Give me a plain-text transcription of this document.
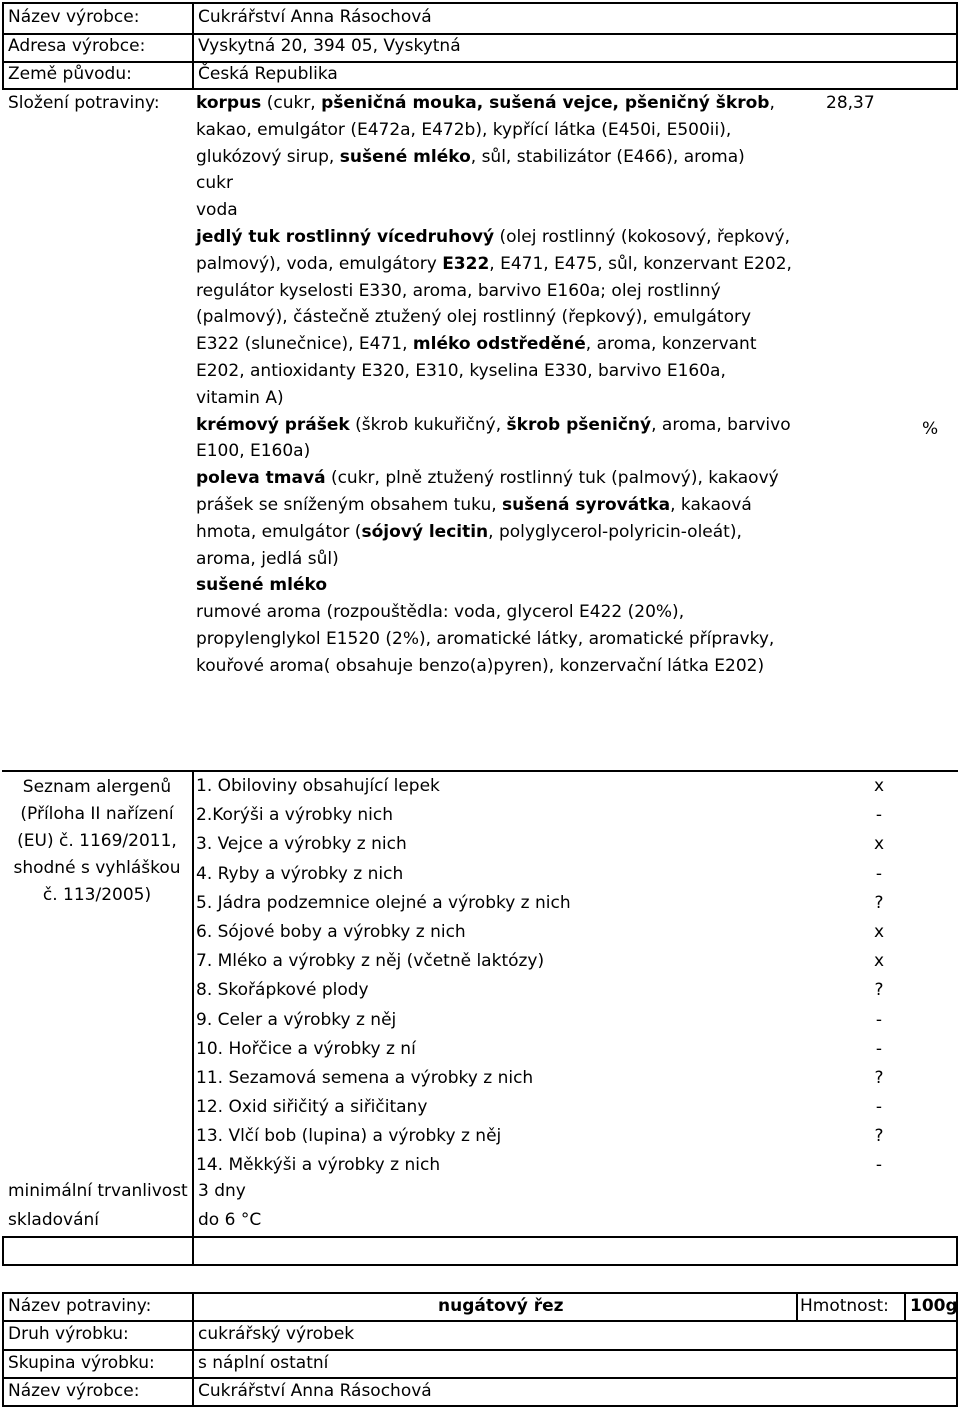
Název výrobce:	Cukrářství Anna Rásochová
Adresa výrobce:	Vyskytná 20, 394 05, Vyskytná
Země původu:	Česká Republika
Složení potraviny:	28,37
%
korpus (cukr, pšeničná mouka, sušená vejce, pšeničný škrob,
kakao, emulgátor (E472a, E472b), kypřící látka (E450i, E500ii),
glukózový sirup, sušené mléko, sůl, stabilizátor (E466), aroma)
cukr
voda
jedlý tuk rostlinný vícedruhový (olej rostlinný (kokosový, řepkový,
palmový), voda, emulgátory E322, E471, E475, sůl, konzervant E202,
regulátor kyselosti E330, aroma, barvivo E160a; olej rostlinný
(palmový), částečně ztužený olej rostlinný (řepkový), emulgátory
E322 (slunečnice), E471, mléko odstředěné, aroma, konzervant
E202, antioxidanty E320, E310, kyselina E330, barvivo E160a,
vitamin A)
krémový prášek (škrob kukuřičný, škrob pšeničný, aroma, barvivo
E100, E160a)
poleva tmavá (cukr, plně ztužený rostlinný tuk (palmový), kakaový
prášek se sníženým obsahem tuku, sušená syrovátka, kakaová
hmota, emulgátor (sójový lecitin, polyglycerol-polyricin-oleát),
aroma, jedlá sůl)
sušené mléko
rumové aroma (rozpouštědla: voda, glycerol E422 (20%),
propylenglykol E1520 (2%), aromatické látky, aromatické přípravky,
kouřové aroma( obsahuje benzo(a)pyren), konzervační látka E202)
Seznam alergenů
(Příloha II nařízení
(EU) č. 1169/2011,
shodné s vyhláškou
č. 113/2005)
1. Obiloviny obsahující lepek	x
2.Korýši a výrobky nich	-
3. Vejce a výrobky z nich	x
4. Ryby a výrobky z nich	-
5. Jádra podzemnice olejné a výrobky z nich	?
6. Sójové boby a výrobky z nich	x
7. Mléko a výrobky z něj (včetně laktózy)	x
8. Skořápkové plody	?
9. Celer a výrobky z něj	-
10. Hořčice a výrobky z ní	-
11. Sezamová semena a výrobky z nich	?
12. Oxid siřičitý a siřičitany	-
13. Vlčí bob (lupina) a výrobky z něj	?
14. Měkkýši a výrobky z nich	-
minimální trvanlivost 3 dny
skladování	do 6 °C
Název potraviny:	nugátový řez	Hmotnost: 100g
Druh výrobku:	cukrářský výrobek
Skupina výrobku:	s náplní ostatní
Název výrobce:	Cukrářství Anna Rásochová
